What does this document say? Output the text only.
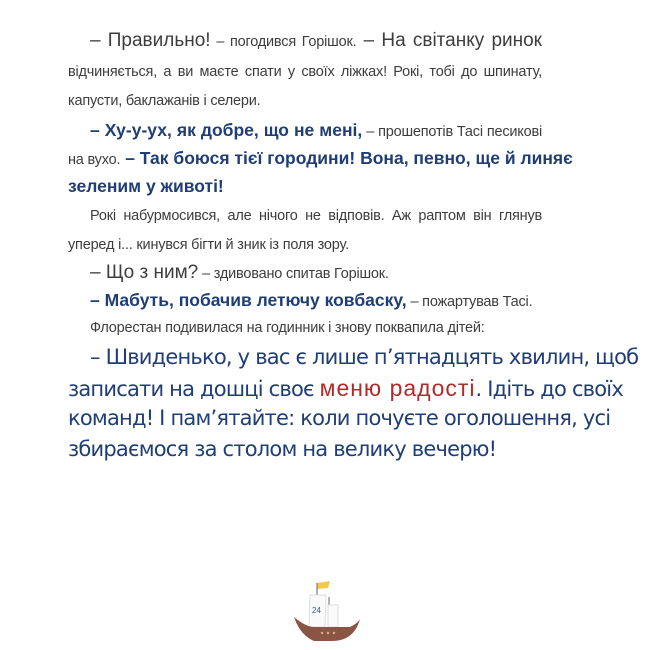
– Правильно! – погодився Горішок. – На світанку ринок
відчиняється, а ви маєте спати у своїх ліжках! Рокі, тобі до шпинату,
капусти, баклажанів і селери.
– Ху-у-ух, як добре, що не мені, – прошепотів Тасі песикові
на вухо. – Так боюся тієї городини! Вона, певно, ще й линяє
зеленим у животі!
Рокі набурмосився, але нічого не відповів. Аж раптом він глянув
уперед і... кинувся бігти й зник із поля зору.
– Що з ним? – здивовано спитав Горішок.
– Мабуть, побачив летючу ковбаску, – пожартував Тасі.
Флорестан подивилася на годинник і знову поквапила дітей:
– Швиденько, у вас є лише п’ятнадцять хвилин, щоб
записати на дошці своє меню радості. Ідіть до своїх
команд! І пам’ятайте: коли почуєте оголошення, усі
збираємося за столом на велику вечерю!
24
